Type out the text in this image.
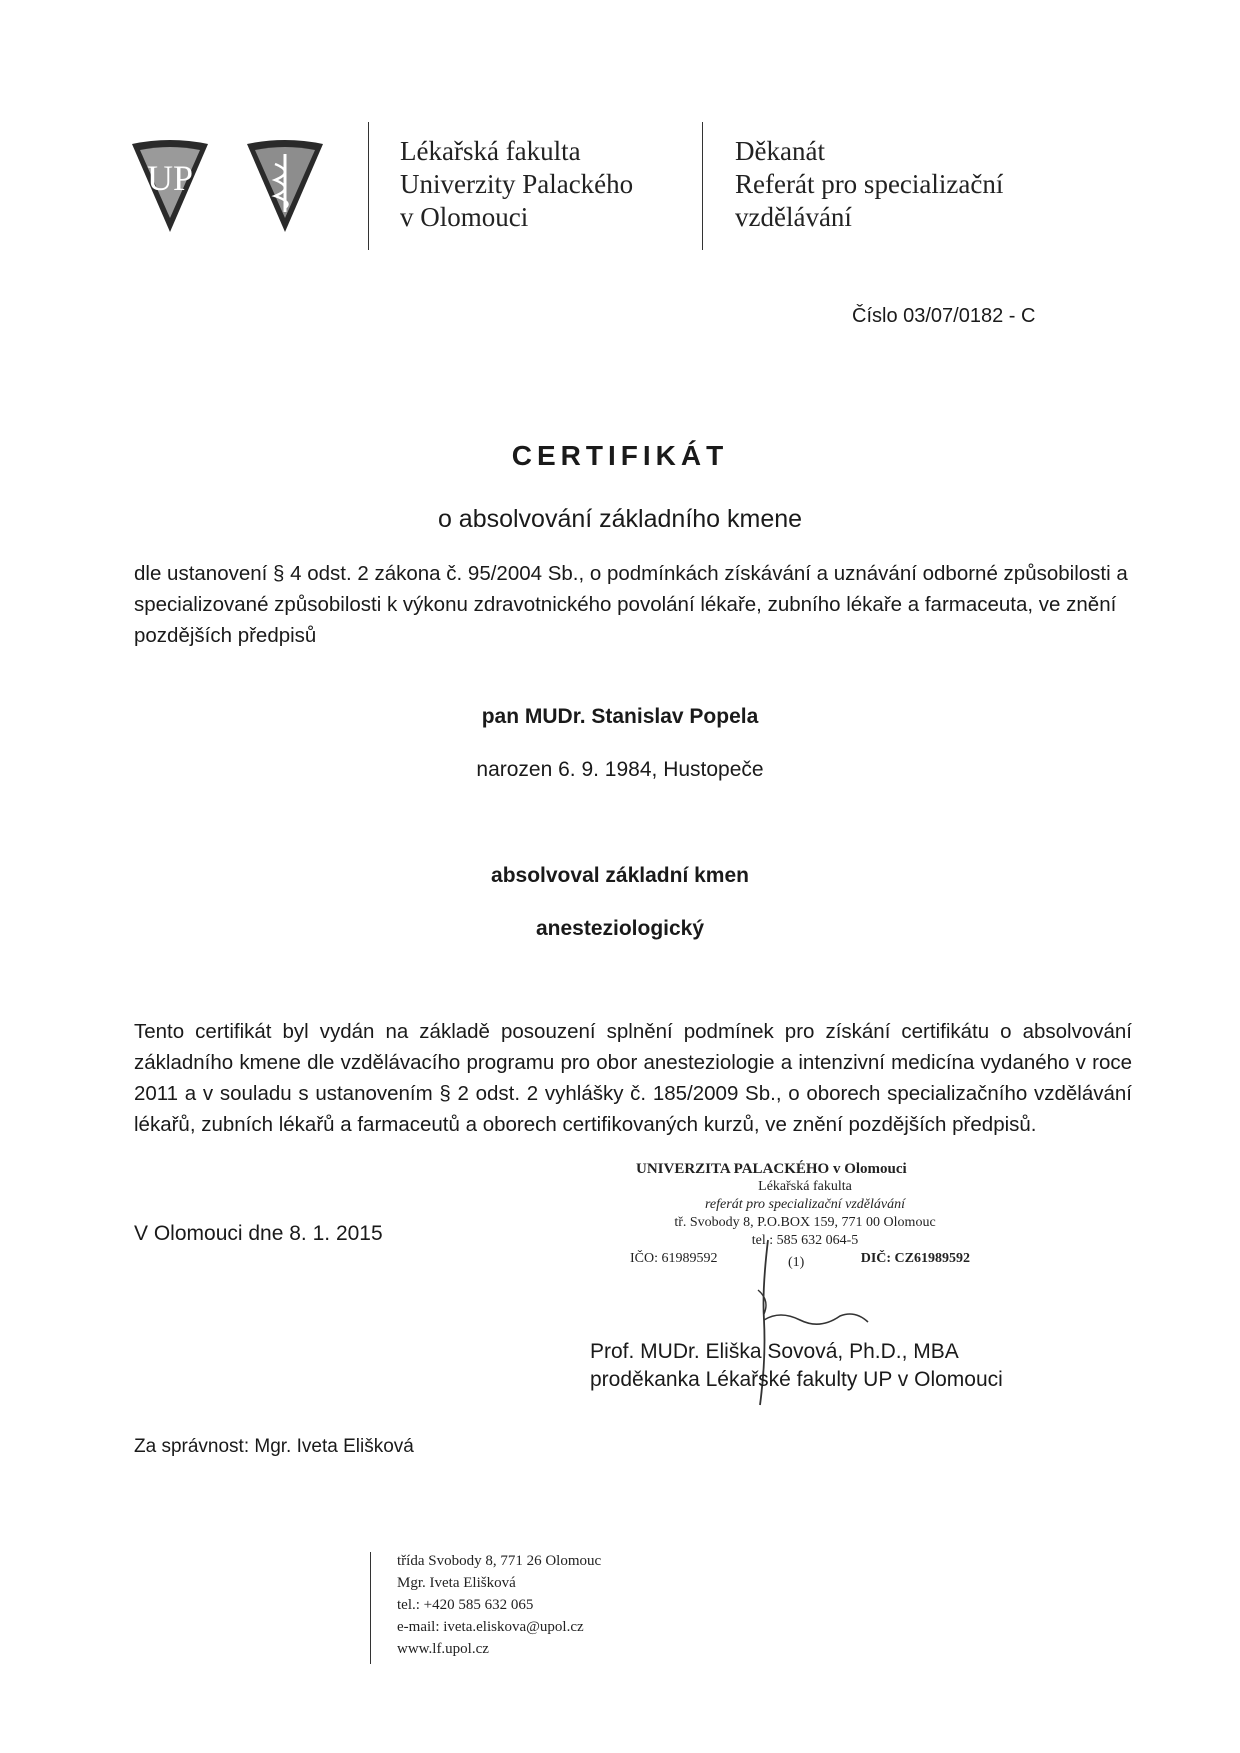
UP
Lékařská fakulta
Univerzity Palackého
v Olomouci
Děkanát
Referát pro specializační
vzdělávání
Číslo 03/07/0182 - C
CERTIFIKÁT
o absolvování základního kmene
dle ustanovení § 4 odst. 2 zákona č. 95/2004 Sb., o podmínkách získávání a uznávání odborné způsobilosti a specializované způsobilosti k výkonu zdravotnického povolání lékaře, zubního lékaře a farmaceuta, ve znění pozdějších předpisů
pan MUDr. Stanislav Popela
narozen 6. 9. 1984, Hustopeče
absolvoval základní kmen
anesteziologický
Tento certifikát byl vydán na základě posouzení splnění podmínek pro získání certifikátu o absolvování základního kmene dle vzdělávacího programu pro obor anesteziologie a intenzivní medicína vydaného v roce 2011 a v souladu s ustanovením § 2 odst. 2 vyhlášky č. 185/2009 Sb., o oborech specializačního vzdělávání lékařů, zubních lékařů a farmaceutů a oborech certifikovaných kurzů, ve znění pozdějších předpisů.
V Olomouci dne 8. 1. 2015
UNIVERZITA PALACKÉHO v Olomouci
Lékařská fakulta
referát pro specializační vzdělávání
tř. Svobody 8, P.O.BOX 159, 771 00 Olomouc
tel.: 585 632 064-5
IČO: 61989592	(1)	DIČ: CZ61989592
Prof. MUDr. Eliška Sovová, Ph.D., MBA
proděkanka Lékařské fakulty UP v Olomouci
Za správnost: Mgr. Iveta Elišková
třída Svobody 8, 771 26 Olomouc
Mgr. Iveta Elišková
tel.: +420 585 632 065
e-mail: iveta.eliskova@upol.cz
www.lf.upol.cz
